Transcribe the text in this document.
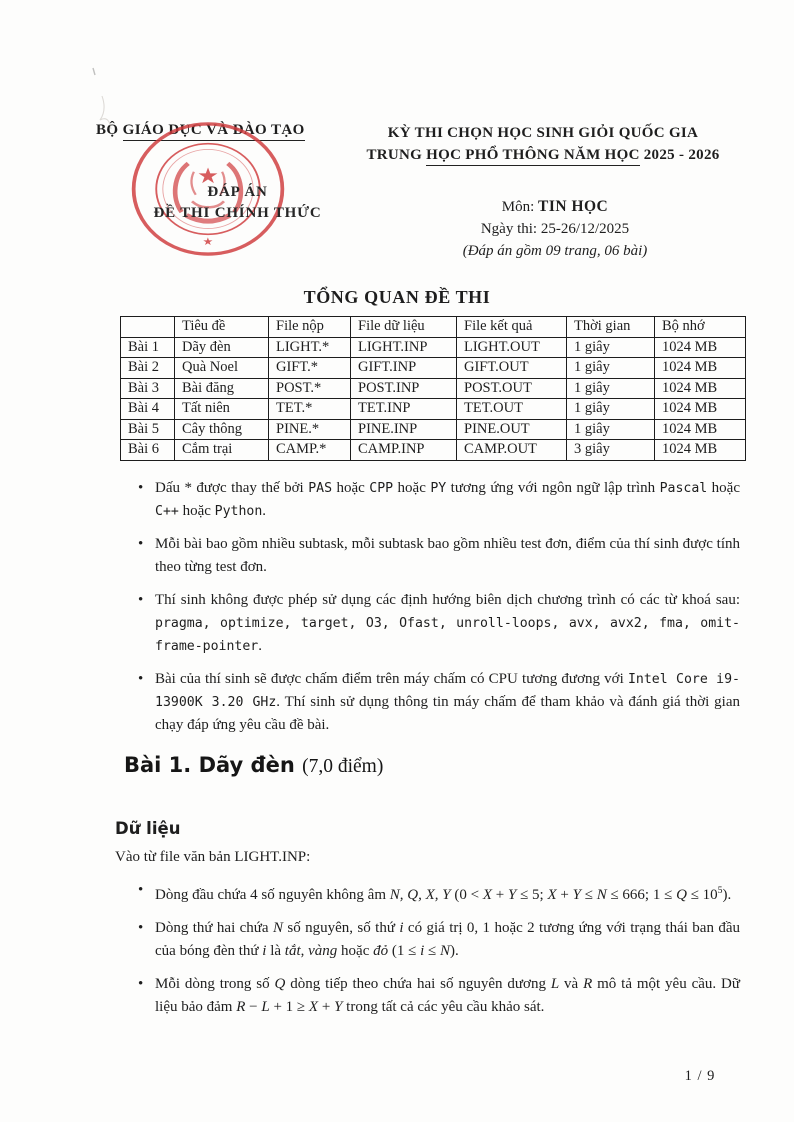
BỘ GIÁO DỤC VÀ ĐÀO TẠO
★
★
ĐÁP ÁN
ĐỀ THI CHÍNH THỨC
KỲ THI CHỌN HỌC SINH GIỎI QUỐC GIA
TRUNG HỌC PHỔ THÔNG NĂM HỌC 2025 - 2026
Môn: TIN HỌC
Ngày thi: 25-26/12/2025
(Đáp án gồm 09 trang, 06 bài)
TỔNG QUAN ĐỀ THI
	Tiêu đề	File nộp	File dữ liệu	File kết quả	Thời gian	Bộ nhớ
Bài 1	Dãy đèn	LIGHT.*	LIGHT.INP	LIGHT.OUT	1 giây	1024 MB
Bài 2	Quà Noel	GIFT.*	GIFT.INP	GIFT.OUT	1 giây	1024 MB
Bài 3	Bài đăng	POST.*	POST.INP	POST.OUT	1 giây	1024 MB
Bài 4	Tất niên	TET.*	TET.INP	TET.OUT	1 giây	1024 MB
Bài 5	Cây thông	PINE.*	PINE.INP	PINE.OUT	1 giây	1024 MB
Bài 6	Cắm trại	CAMP.*	CAMP.INP	CAMP.OUT	3 giây	1024 MB
• Dấu * được thay thế bởi PAS hoặc CPP hoặc PY tương ứng với ngôn ngữ lập trình Pascal hoặc C++ hoặc Python.
• Mỗi bài bao gồm nhiều subtask, mỗi subtask bao gồm nhiều test đơn, điểm của thí sinh được tính theo từng test đơn.
• Thí sinh không được phép sử dụng các định hướng biên dịch chương trình có các từ khoá sau: pragma, optimize, target, O3, Ofast, unroll-loops, avx, avx2, fma, omit-frame-pointer.
• Bài của thí sinh sẽ được chấm điểm trên máy chấm có CPU tương đương với Intel Core i9-13900K 3.20 GHz. Thí sinh sử dụng thông tin máy chấm để tham khảo và đánh giá thời gian chạy đáp ứng yêu cầu đề bài.
Bài 1. Dãy đèn (7,0 điểm)
Dữ liệu
Vào từ file văn bản LIGHT.INP:
• Dòng đầu chứa 4 số nguyên không âm N, Q, X, Y (0 < X + Y ≤ 5; X + Y ≤ N ≤ 666; $1 \le Q \le 10^5$).
• Dòng thứ hai chứa N số nguyên, số thứ i có giá trị 0, 1 hoặc 2 tương ứng với trạng thái ban đầu của bóng đèn thứ i là tắt, vàng hoặc đỏ (1 ≤ i ≤ N).
• Mỗi dòng trong số Q dòng tiếp theo chứa hai số nguyên dương L và R mô tả một yêu cầu. Dữ liệu bảo đảm R − L + 1 ≥ X + Y trong tất cả các yêu cầu khảo sát.
1 / 9
